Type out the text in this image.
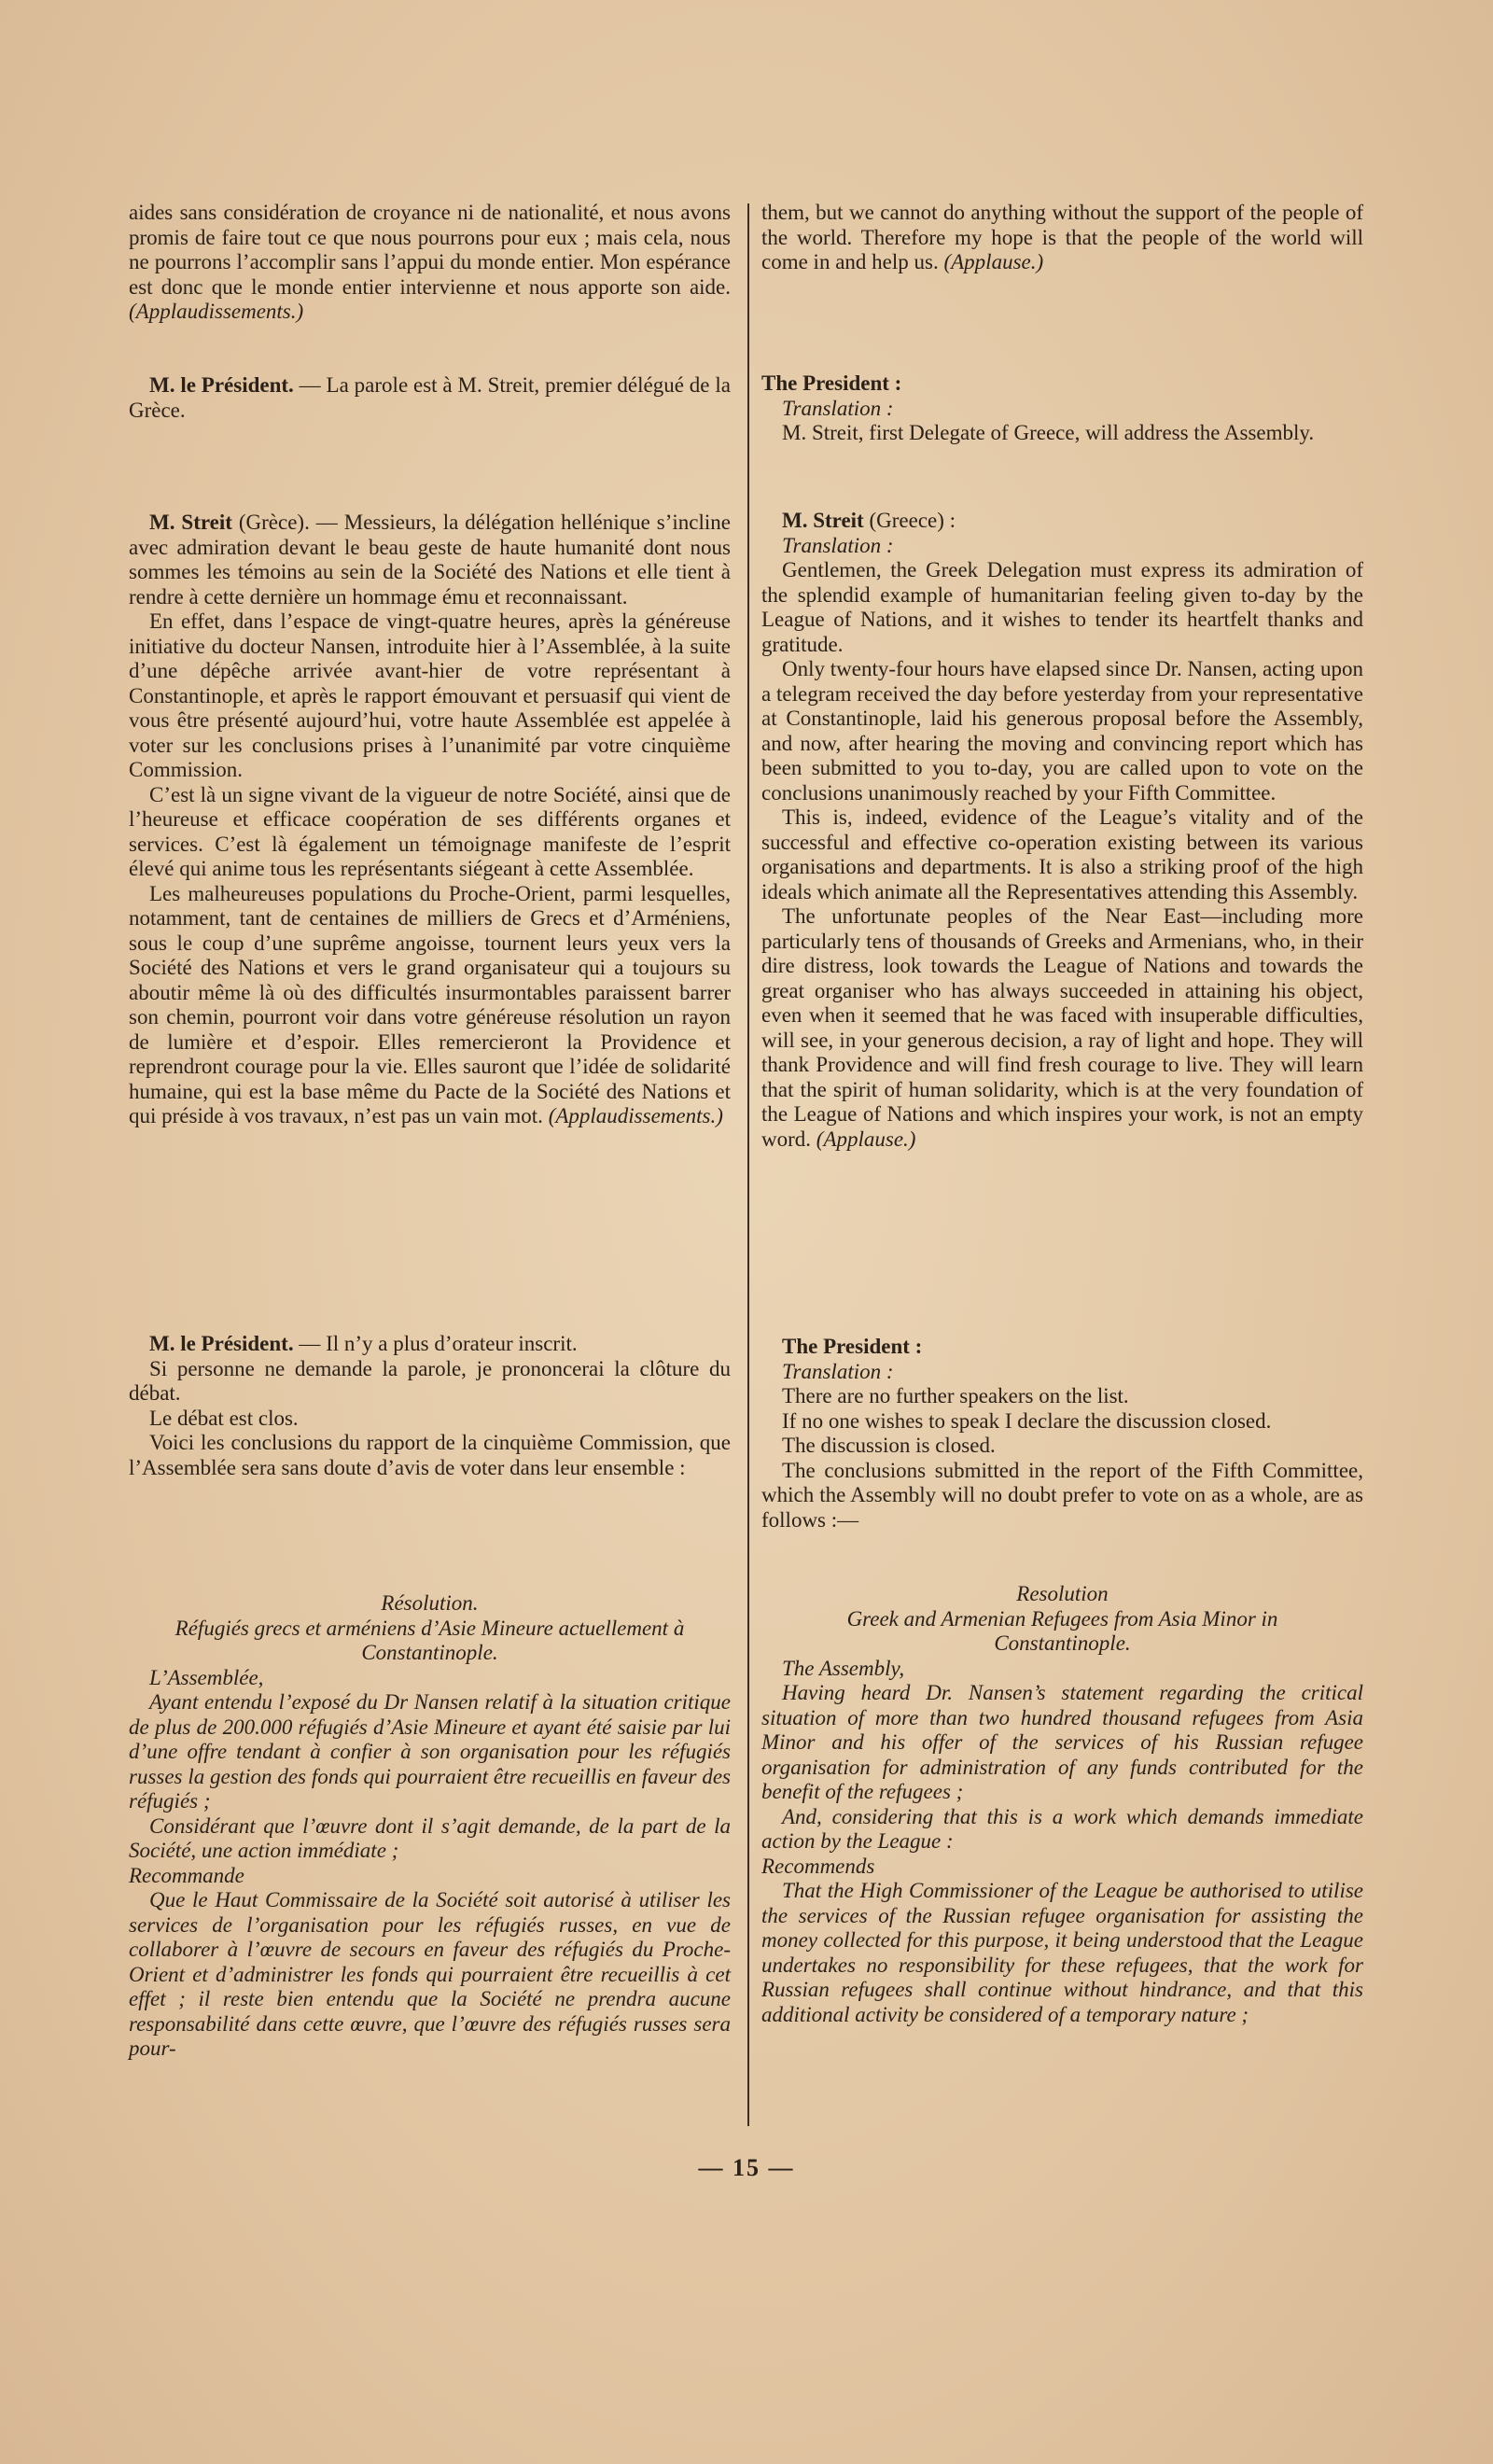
aides sans considération de croyance ni de nationalité, et nous avons promis de faire tout ce que nous pourrons pour eux ; mais cela, nous ne pourrons l’accomplir sans l’appui du monde entier. Mon espérance est donc que le monde entier intervienne et nous apporte son aide. (Applaudissements.)

M. le Président. — La parole est à M. Streit, premier délégué de la Grèce.

M. Streit (Grèce). — Messieurs, la délégation hellénique s’incline avec admiration devant le beau geste de haute humanité dont nous sommes les témoins au sein de la Société des Nations et elle tient à rendre à cette dernière un hommage ému et reconnaissant.

En effet, dans l’espace de vingt-quatre heures, après la généreuse initiative du docteur Nansen, introduite hier à l’Assemblée, à la suite d’une dépêche arrivée avant-hier de votre représentant à Constantinople, et après le rapport émouvant et persuasif qui vient de vous être présenté aujourd’hui, votre haute Assemblée est appelée à voter sur les conclusions prises à l’unanimité par votre cinquième Commission.

C’est là un signe vivant de la vigueur de notre Société, ainsi que de l’heureuse et efficace coopération de ses différents organes et services. C’est là également un témoignage manifeste de l’esprit élevé qui anime tous les représentants siégeant à cette Assemblée.

Les malheureuses populations du Proche-Orient, parmi lesquelles, notamment, tant de centaines de milliers de Grecs et d’Arméniens, sous le coup d’une suprême angoisse, tournent leurs yeux vers la Société des Nations et vers le grand organisateur qui a toujours su aboutir même là où des difficultés insurmontables paraissent barrer son chemin, pourront voir dans votre généreuse résolution un rayon de lumière et d’espoir. Elles remercieront la Providence et reprendront courage pour la vie. Elles sauront que l’idée de solidarité humaine, qui est la base même du Pacte de la Société des Nations et qui préside à vos travaux, n’est pas un vain mot. (Applaudissements.)

M. le Président. — Il n’y a plus d’orateur inscrit.

Si personne ne demande la parole, je prononcerai la clôture du débat.

Le débat est clos.

Voici les conclusions du rapport de la cinquième Commission, que l’Assemblée sera sans doute d’avis de voter dans leur ensemble :

Résolution.

Réfugiés grecs et arméniens d’Asie Mineure actuellement à Constantinople.

L’Assemblée,

Ayant entendu l’exposé du Dr Nansen relatif à la situation critique de plus de 200.000 réfugiés d’Asie Mineure et ayant été saisie par lui d’une offre tendant à confier à son organisation pour les réfugiés russes la gestion des fonds qui pourraient être recueillis en faveur des réfugiés ;

Considérant que l’œuvre dont il s’agit demande, de la part de la Société, une action immédiate ;

Recommande

Que le Haut Commissaire de la Société soit autorisé à utiliser les services de l’organisation pour les réfugiés russes, en vue de collaborer à l’œuvre de secours en faveur des réfugiés du Proche-Orient et d’administrer les fonds qui pourraient être recueillis à cet effet ; il reste bien entendu que la Société ne prendra aucune responsabilité dans cette œuvre, que l’œuvre des réfugiés russes sera pour-

them, but we cannot do anything without the support of the people of the world. Therefore my hope is that the people of the world will come in and help us. (Applause.)

The President :

Translation :

M. Streit, first Delegate of Greece, will address the Assembly.

M. Streit (Greece) :

Translation :

Gentlemen, the Greek Delegation must express its admiration of the splendid example of humanitarian feeling given to-day by the League of Nations, and it wishes to tender its heartfelt thanks and gratitude.

Only twenty-four hours have elapsed since Dr. Nansen, acting upon a telegram received the day before yesterday from your representative at Constantinople, laid his generous proposal before the Assembly, and now, after hearing the moving and convincing report which has been submitted to you to-day, you are called upon to vote on the conclusions unanimously reached by your Fifth Committee.

This is, indeed, evidence of the League’s vitality and of the successful and effective co-operation existing between its various organisations and departments. It is also a striking proof of the high ideals which animate all the Representatives attending this Assembly.

The unfortunate peoples of the Near East—including more particularly tens of thousands of Greeks and Armenians, who, in their dire distress, look towards the League of Nations and towards the great organiser who has always succeeded in attaining his object, even when it seemed that he was faced with insuperable difficulties, will see, in your generous decision, a ray of light and hope. They will thank Providence and will find fresh courage to live. They will learn that the spirit of human solidarity, which is at the very foundation of the League of Nations and which inspires your work, is not an empty word. (Applause.)

The President :

Translation :

There are no further speakers on the list.

If no one wishes to speak I declare the discussion closed.

The discussion is closed.

The conclusions submitted in the report of the Fifth Committee, which the Assembly will no doubt prefer to vote on as a whole, are as follows :—

Resolution

Greek and Armenian Refugees from Asia Minor in Constantinople.

The Assembly,

Having heard Dr. Nansen’s statement regarding the critical situation of more than two hundred thousand refugees from Asia Minor and his offer of the services of his Russian refugee organisation for administration of any funds contributed for the benefit of the refugees ;

And, considering that this is a work which demands immediate action by the League :

Recommends

That the High Commissioner of the League be authorised to utilise the services of the Russian refugee organisation for assisting the money collected for this purpose, it being understood that the League undertakes no responsibility for these refugees, that the work for Russian refugees shall continue without hindrance, and that this additional activity be considered of a temporary nature ;

— 15 —
